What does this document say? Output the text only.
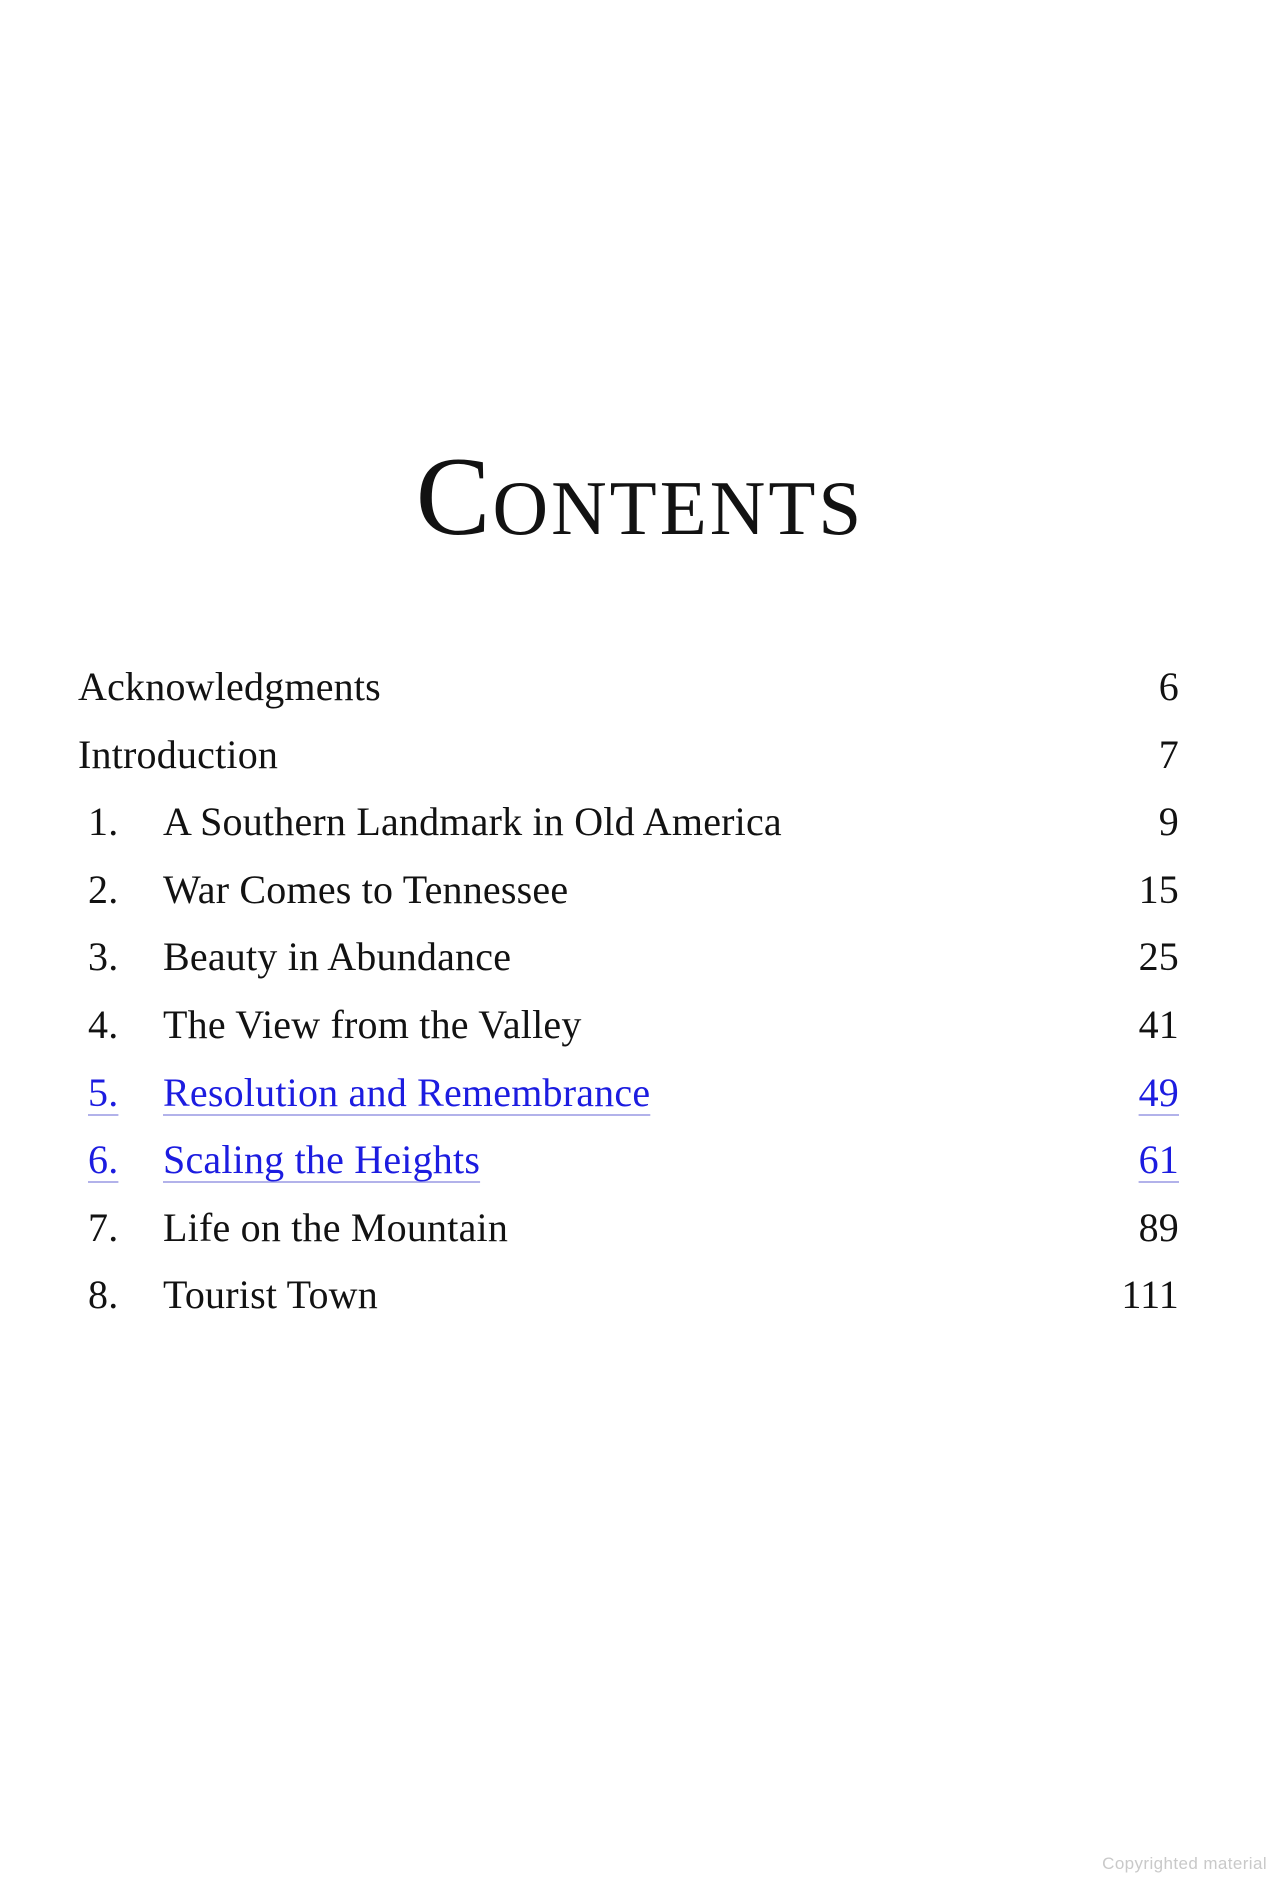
CONTENTS
Acknowledgments	6
Introduction	7
1.	A Southern Landmark in Old America	9
2.	War Comes to Tennessee	15
3.	Beauty in Abundance	25
4.	The View from the Valley	41
5.	Resolution and Remembrance	49
6.	Scaling the Heights	61
7.	Life on the Mountain	89
8.	Tourist Town	111
Copyrighted material
